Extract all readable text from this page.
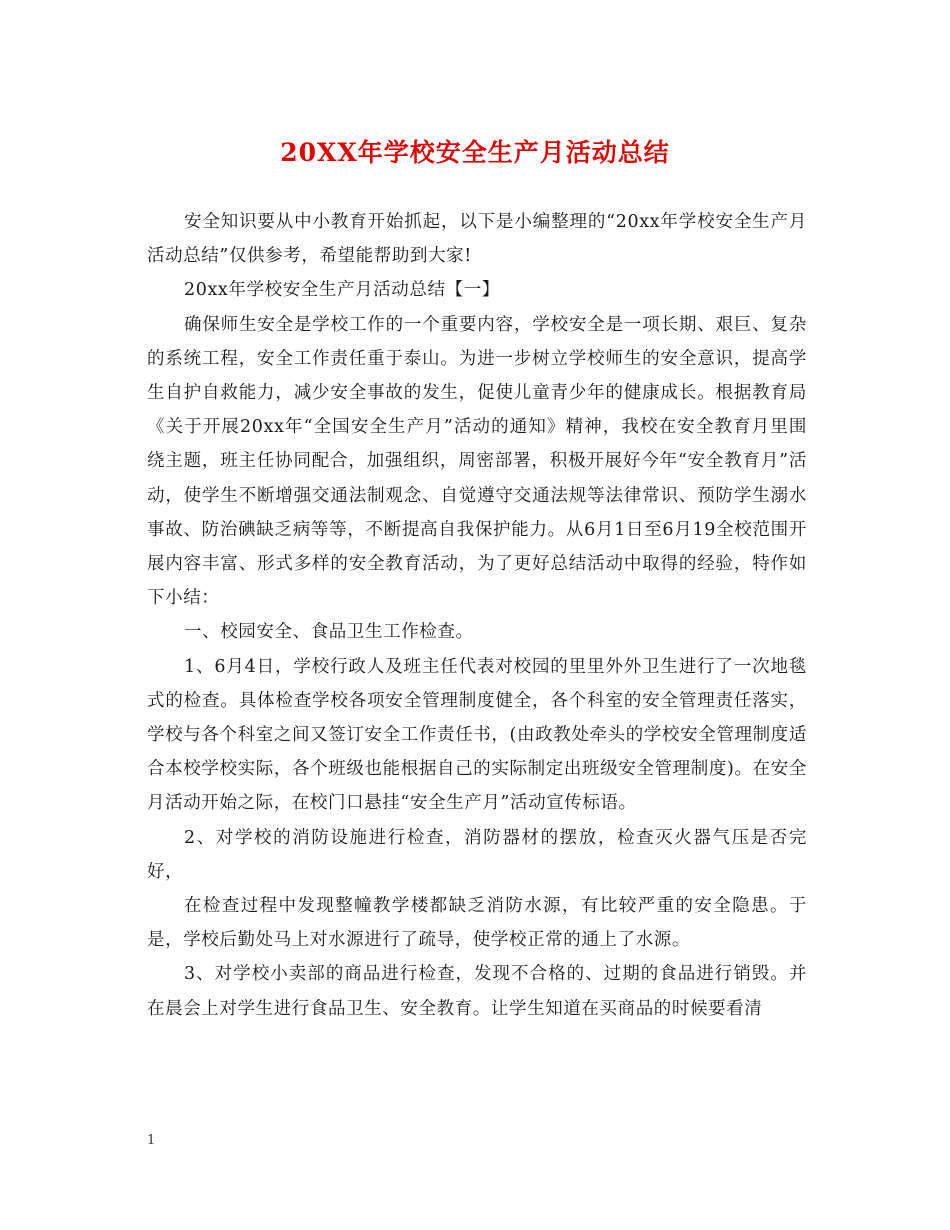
20XX年学校安全生产月活动总结

安全知识要从中小教育开始抓起，以下是小编整理的“20xx年学校安全生产月活动总结”仅供参考，希望能帮助到大家!

20xx年学校安全生产月活动总结【一】

确保师生安全是学校工作的一个重要内容，学校安全是一项长期、艰巨、复杂的系统工程，安全工作责任重于泰山。为进一步树立学校师生的安全意识，提高学生自护自救能力，减少安全事故的发生，促使儿童青少年的健康成长。根据教育局《关于开展20xx年“全国安全生产月”活动的通知》精神，我校在安全教育月里围绕主题，班主任协同配合，加强组织，周密部署，积极开展好今年“安全教育月”活动，使学生不断增强交通法制观念、自觉遵守交通法规等法律常识、预防学生溺水事故、防治碘缺乏病等等，不断提高自我保护能力。从6月1日至6月19全校范围开展内容丰富、形式多样的安全教育活动，为了更好总结活动中取得的经验，特作如下小结：

一、校园安全、食品卫生工作检查。

1、6月4日，学校行政人及班主任代表对校园的里里外外卫生进行了一次地毯式的检查。具体检查学校各项安全管理制度健全，各个科室的安全管理责任落实，学校与各个科室之间又签订安全工作责任书，(由政教处牵头的学校安全管理制度适合本校学校实际，各个班级也能根据自己的实际制定出班级安全管理制度)。在安全月活动开始之际，在校门口悬挂“安全生产月”活动宣传标语。

2、对学校的消防设施进行检查，消防器材的摆放，检查灭火器气压是否完好，

在检查过程中发现整幢教学楼都缺乏消防水源，有比较严重的安全隐患。于是，学校后勤处马上对水源进行了疏导，使学校正常的通上了水源。

3、对学校小卖部的商品进行检查，发现不合格的、过期的食品进行销毁。并在晨会上对学生进行食品卫生、安全教育。让学生知道在买商品的时候要看清

1
